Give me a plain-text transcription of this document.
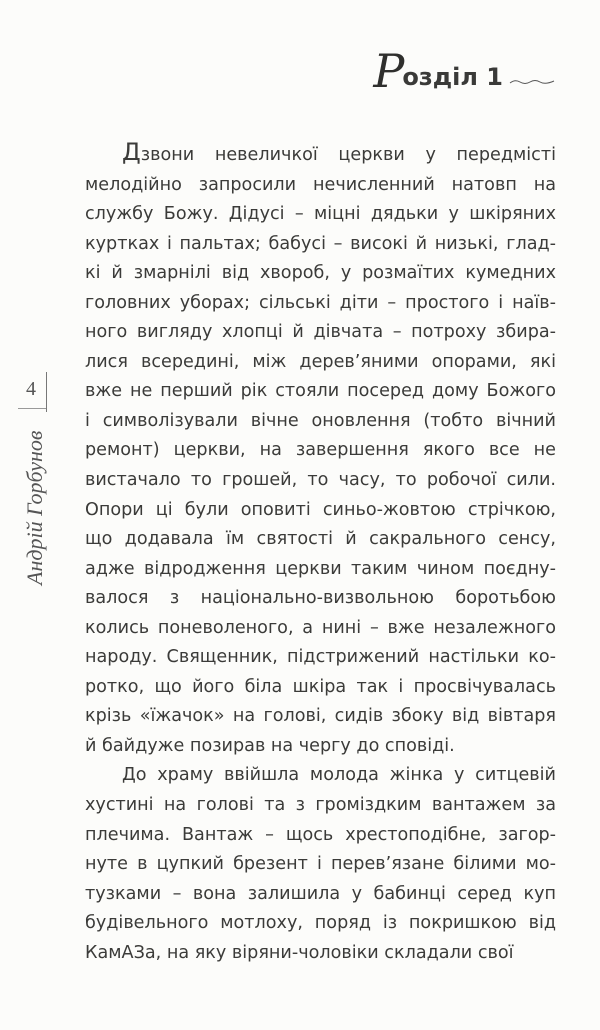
Р
озділ 1
4
Андрій Горбунов
Дзвони невеличкої церкви у передмісті
мелодійно запросили нечисленний натовп на
службу Божу. Дідусі – міцні дядьки у шкіряних
куртках і пальтах; бабусі – високі й низькі, глад-
кі й змарнілі від хвороб, у розмаїтих кумедних
головних уборах; сільські діти – простого і наїв-
ного вигляду хлопці й дівчата – потроху збира-
лися всередині, між дерев’яними опорами, які
вже не перший рік стояли посеред дому Божого
і символізували вічне оновлення (тобто вічний
ремонт) церкви, на завершення якого все не
вистачало то грошей, то часу, то робочої сили.
Опори ці були оповиті синьо-жовтою стрічкою,
що додавала їм святості й сакрального сенсу,
адже відродження церкви таким чином поєдну-
валося з національно-визвольною боротьбою
колись поневоленого, а нині – вже незалежного
народу. Священник, підстрижений настільки ко-
ротко, що його біла шкіра так і просвічувалась
крізь «їжачок» на голові, сидів збоку від вівтаря
й байдуже позирав на чергу до сповіді.
До храму ввійшла молода жінка у ситцевій
хустині на голові та з громіздким вантажем за
плечима. Вантаж – щось хрестоподібне, загор-
нуте в цупкий брезент і перев’язане білими мо-
тузками – вона залишила у бабинці серед куп
будівельного мотлоху, поряд із покришкою від
КамАЗа, на яку віряни-чоловіки складали свої
